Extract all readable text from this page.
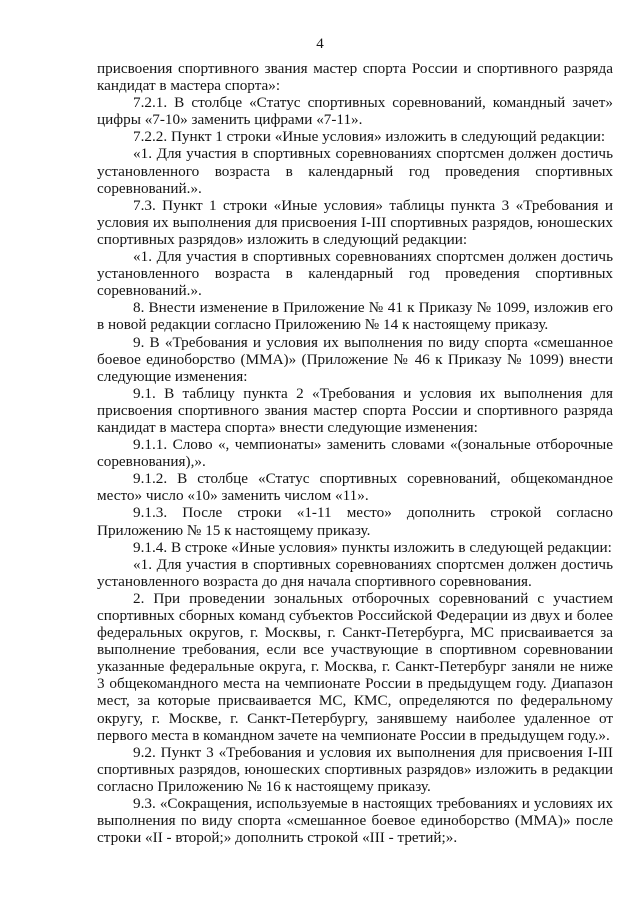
4

присвоения спортивного звания мастер спорта России и спортивного разряда кандидат в мастера спорта»:

7.2.1. В столбце «Статус спортивных соревнований, командный зачет» цифры «7-10» заменить цифрами «7-11».

7.2.2. Пункт 1 строки «Иные условия» изложить в следующий редакции:

«1. Для участия в спортивных соревнованиях спортсмен должен достичь установленного возраста в календарный год проведения спортивных соревнований.».

7.3. Пункт 1 строки «Иные условия» таблицы пункта 3 «Требования и условия их выполнения для присвоения I-III спортивных разрядов, юношеских спортивных разрядов» изложить в следующий редакции:

«1. Для участия в спортивных соревнованиях спортсмен должен достичь установленного возраста в календарный год проведения спортивных соревнований.».

8. Внести изменение в Приложение № 41 к Приказу № 1099, изложив его в новой редакции согласно Приложению № 14 к настоящему приказу.

9. В «Требования и условия их выполнения по виду спорта «смешанное боевое единоборство (ММА)» (Приложение № 46 к Приказу № 1099) внести следующие изменения:

9.1. В таблицу пункта 2 «Требования и условия их выполнения для присвоения спортивного звания мастер спорта России и спортивного разряда кандидат в мастера спорта» внести следующие изменения:

9.1.1. Слово «, чемпионаты» заменить словами «(зональные отборочные соревнования),».

9.1.2. В столбце «Статус спортивных соревнований, общекомандное место» число «10» заменить числом «11».

9.1.3. После строки «1-11 место» дополнить строкой согласно Приложению № 15 к настоящему приказу.

9.1.4. В строке «Иные условия» пункты изложить в следующей редакции:

«1. Для участия в спортивных соревнованиях спортсмен должен достичь установленного возраста до дня начала спортивного соревнования.

2. При проведении зональных отборочных соревнований с участием спортивных сборных команд субъектов Российской Федерации из двух и более федеральных округов, г. Москвы, г. Санкт-Петербурга, МС присваивается за выполнение требования, если все участвующие в спортивном соревновании указанные федеральные округа, г. Москва, г. Санкт-Петербург заняли не ниже 3 общекомандного места на чемпионате России в предыдущем году. Диапазон мест, за которые присваивается МС, КМС, определяются по федеральному округу, г. Москве, г. Санкт-Петербургу, занявшему наиболее удаленное от первого места в командном зачете на чемпионате России в предыдущем году.».

9.2. Пункт 3 «Требования и условия их выполнения для присвоения I-III спортивных разрядов, юношеских спортивных разрядов» изложить в редакции согласно Приложению № 16 к настоящему приказу.

9.3. «Сокращения, используемые в настоящих требованиях и условиях их выполнения по виду спорта «смешанное боевое единоборство (ММА)» после строки «II - второй;» дополнить строкой «III - третий;».
